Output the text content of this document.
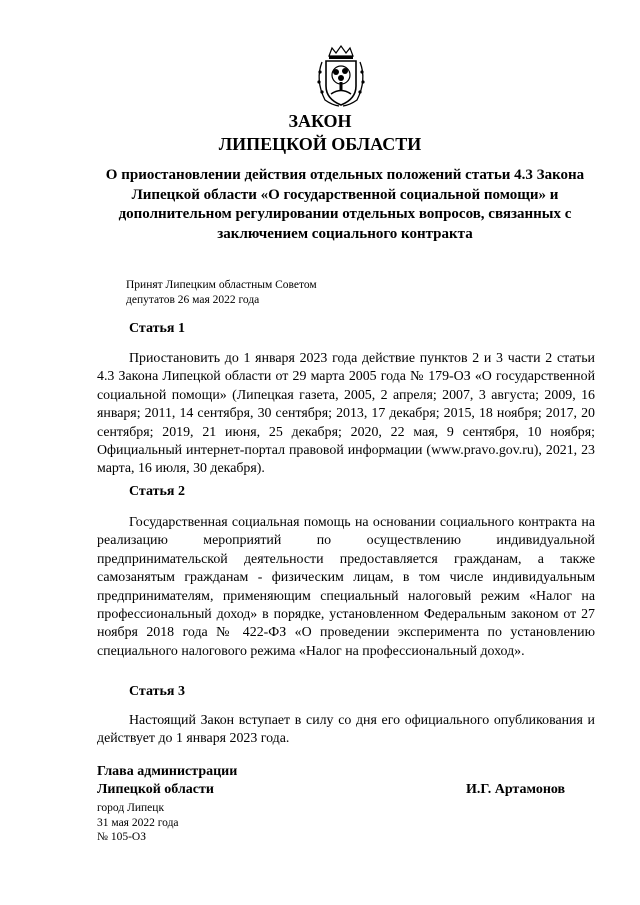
ЗАКОН
ЛИПЕЦКОЙ ОБЛАСТИ

О приостановлении действия отдельных положений статьи 4.3 Закона Липецкой области «О государственной социальной помощи» и дополнительном регулировании отдельных вопросов, связанных с заключением социального контракта

Принят Липецким областным Советом
депутатов 26 мая 2022 года
Статья 1

Приостановить до 1 января 2023 года действие пунктов 2 и 3 части 2 статьи 4.3 Закона Липецкой области от 29 марта 2005 года № 179-ОЗ «О государственной социальной помощи» (Липецкая газета, 2005, 2 апреля; 2007, 3 августа; 2009, 16 января; 2011, 14 сентября, 30 сентября; 2013, 17 декабря; 2015, 18 ноября; 2017, 20 сентября; 2019, 21 июня, 25 декабря; 2020, 22 мая, 9 сентября, 10 ноября; Официальный интернет-портал правовой информации (www.pravo.gov.ru), 2021, 23 марта, 16 июля, 30 декабря).

Статья 2

Государственная социальная помощь на основании социального контракта на реализацию мероприятий по осуществлению индивидуальной предпринимательской деятельности предоставляется гражданам, а также самозанятым гражданам - физическим лицам, в том числе индивидуальным предпринимателям, применяющим специальный налоговый режим «Налог на профессиональный доход» в порядке, установленном Федеральным законом от 27 ноября 2018 года № 422-ФЗ «О проведении эксперимента по установлению специального налогового режима «Налог на профессиональный доход».

Статья 3

Настоящий Закон вступает в силу со дня его официального опубликования и действует до 1 января 2023 года.

Глава администрации
Липецкой области	И.Г. Артамонов
город Липецк
31 мая 2022 года
№ 105-ОЗ
